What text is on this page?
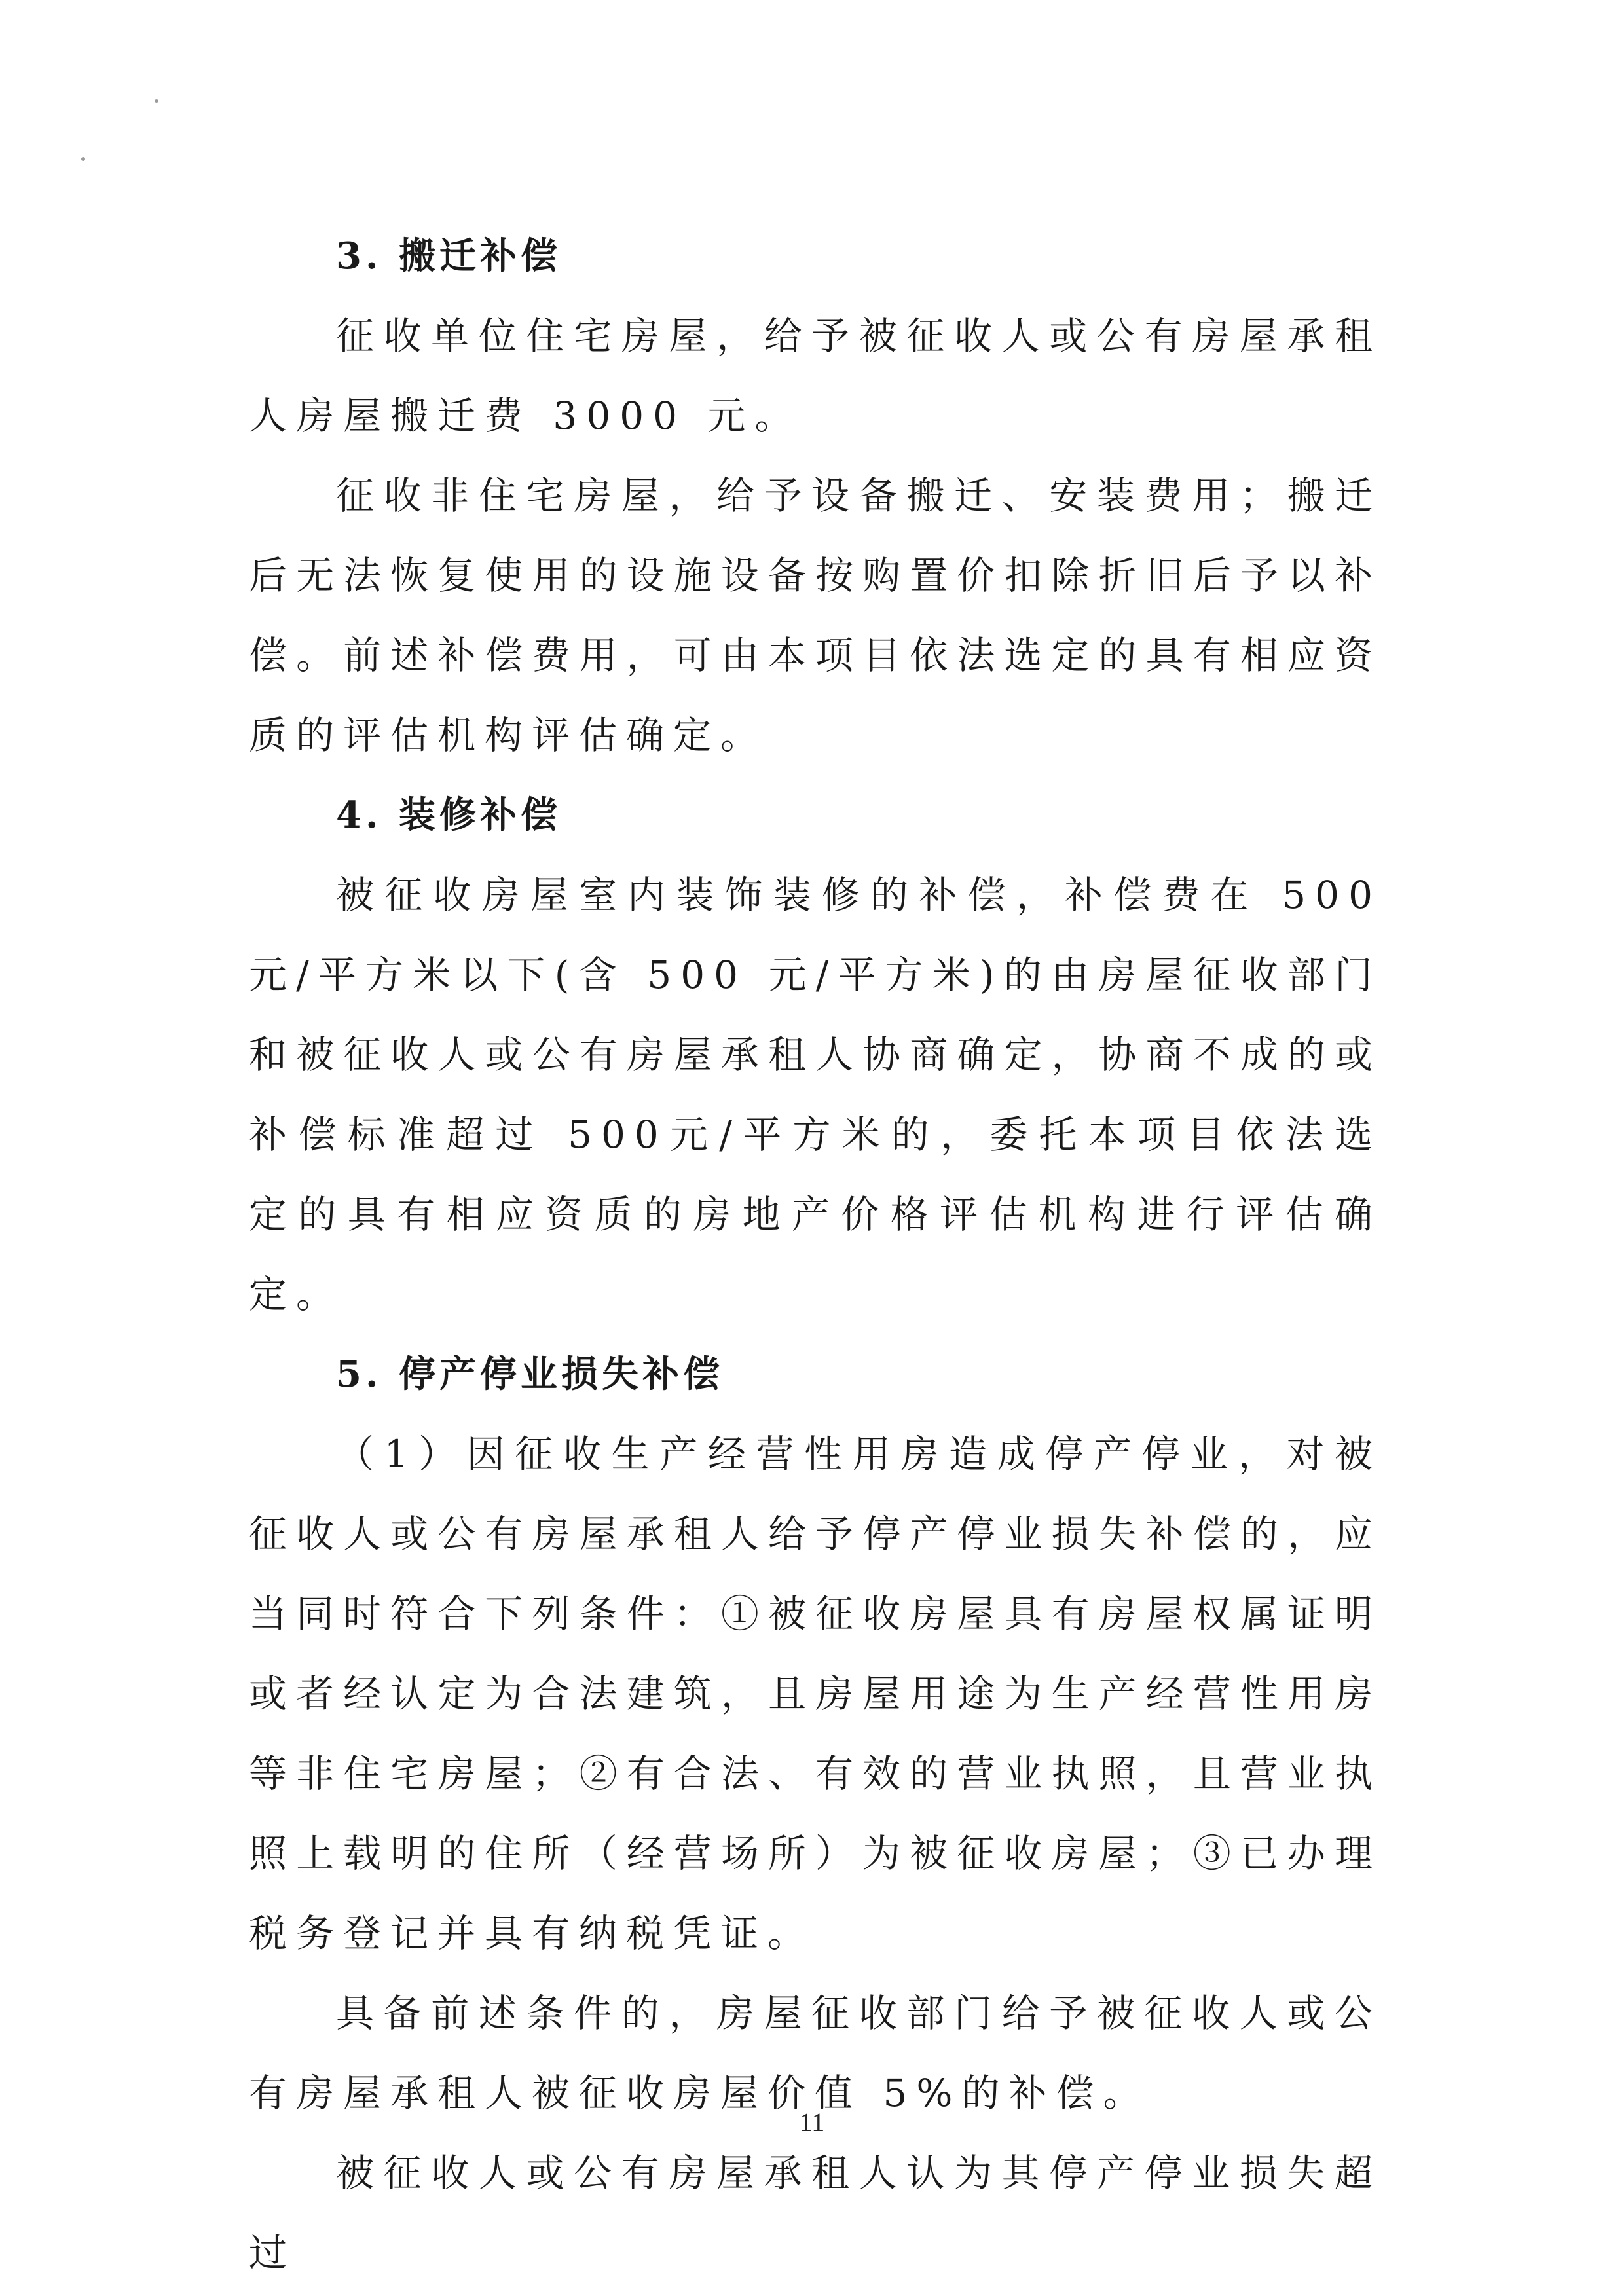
3. 搬迁补偿

征收单位住宅房屋，给予被征收人或公有房屋承租人房屋搬迁费 3000 元。

征收非住宅房屋，给予设备搬迁、安装费用；搬迁后无法恢复使用的设施设备按购置价扣除折旧后予以补偿。前述补偿费用，可由本项目依法选定的具有相应资质的评估机构评估确定。

4. 装修补偿

被征收房屋室内装饰装修的补偿，补偿费在 500 元/平方米以下(含 500 元/平方米)的由房屋征收部门和被征收人或公有房屋承租人协商确定，协商不成的或补偿标准超过 500元/平方米的，委托本项目依法选定的具有相应资质的房地产价格评估机构进行评估确定。

5. 停产停业损失补偿

（1）因征收生产经营性用房造成停产停业，对被征收人或公有房屋承租人给予停产停业损失补偿的，应当同时符合下列条件：①被征收房屋具有房屋权属证明或者经认定为合法建筑，且房屋用途为生产经营性用房等非住宅房屋；②有合法、有效的营业执照，且营业执照上载明的住所（经营场所）为被征收房屋；③已办理税务登记并具有纳税凭证。

具备前述条件的，房屋征收部门给予被征收人或公有房屋承租人被征收房屋价值 5%的补偿。

被征收人或公有房屋承租人认为其停产停业损失超过

11
